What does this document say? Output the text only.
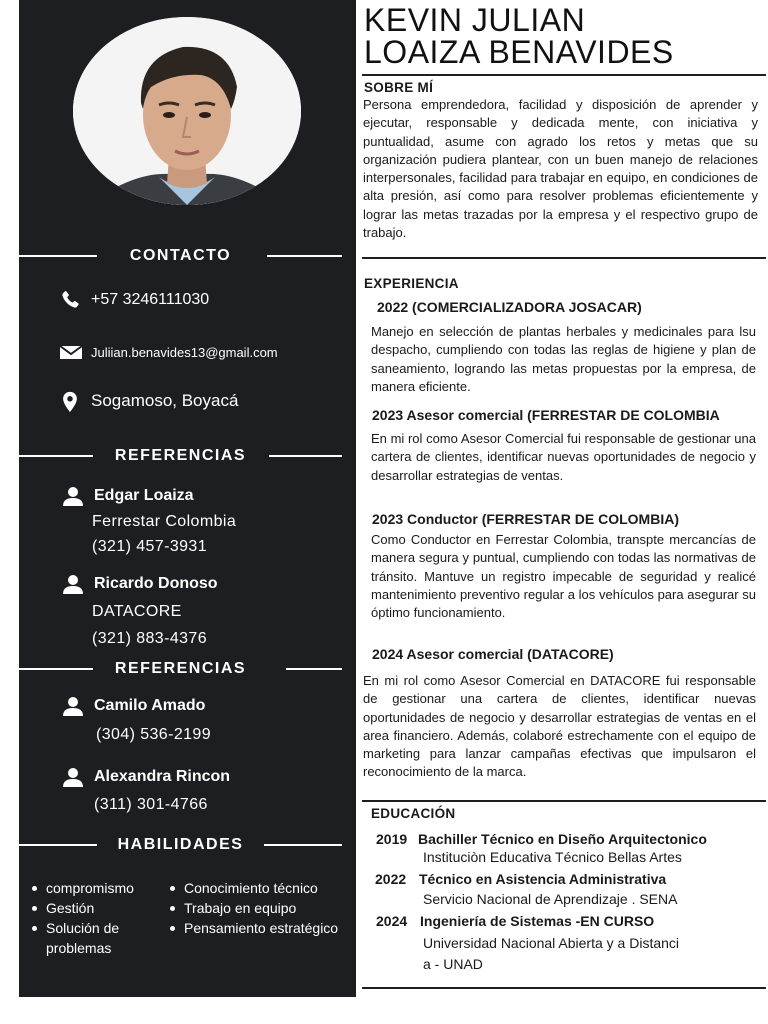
CONTACTO
+57 3246111030
Juliian.benavides13@gmail.com
Sogamoso, Boyacá
REFERENCIAS
Edgar Loaiza
Ferrestar Colombia
(321) 457-3931
Ricardo Donoso
DATACORE
(321) 883-4376
REFERENCIAS
Camilo Amado
(304) 536-2199
Alexandra Rincon
(311) 301-4766
HABILIDADES
compromismo
Gestión
Solución de problemas
Conocimiento técnico
Trabajo en equipo
Pensamiento estratégico
KEVIN JULIAN
LOAIZA BENAVIDES
SOBRE MÍ
Persona emprendedora, facilidad y disposición de aprender y ejecutar, responsable y dedicada mente, con iniciativa y puntualidad, asume con agrado los retos y metas que su organización pudiera plantear, con un buen manejo de relaciones interpersonales, facilidad para trabajar en equipo, en condiciones de alta presión, así como para resolver problemas eficientemente y lograr las metas trazadas por la empresa y el respectivo grupo de trabajo.
EXPERIENCIA
2022 (COMERCIALIZADORA JOSACAR)
Manejo en selección de plantas herbales y medicinales para lsu despacho, cumpliendo con todas las reglas de higiene y plan de saneamiento, logrando las metas propuestas por la empresa, de manera eficiente.
2023 Asesor comercial (FERRESTAR DE COLOMBIA
En mi rol como Asesor Comercial fui responsable de gestionar una cartera de clientes, identificar nuevas oportunidades de negocio y desarrollar estrategias de ventas.
2023 Conductor (FERRESTAR DE COLOMBIA)
Como Conductor en Ferrestar Colombia, transpte mercancías de manera segura y puntual, cumpliendo con todas las normativas de tránsito. Mantuve un registro impecable de seguridad y realicé mantenimiento preventivo regular a los vehículos para asegurar su óptimo funcionamiento.
2024 Asesor comercial (DATACORE)
En mi rol como Asesor Comercial en DATACORE fui responsable de gestionar una cartera de clientes, identificar nuevas oportunidades de negocio y desarrollar estrategias de ventas en el area financiero. Además, colaboré estrechamente con el equipo de marketing para lanzar campañas efectivas que impulsaron el reconocimiento de la marca.
EDUCACIÓN
2019 Bachiller Técnico en Diseño Arquitectonico
Instituciòn Educativa Técnico Bellas Artes
2022 Técnico en Asistencia Administrativa
Servicio Nacional de Aprendizaje . SENA
2024 Ingeniería de Sistemas -EN CURSO
Universidad Nacional Abierta y a Distanci
a - UNAD
